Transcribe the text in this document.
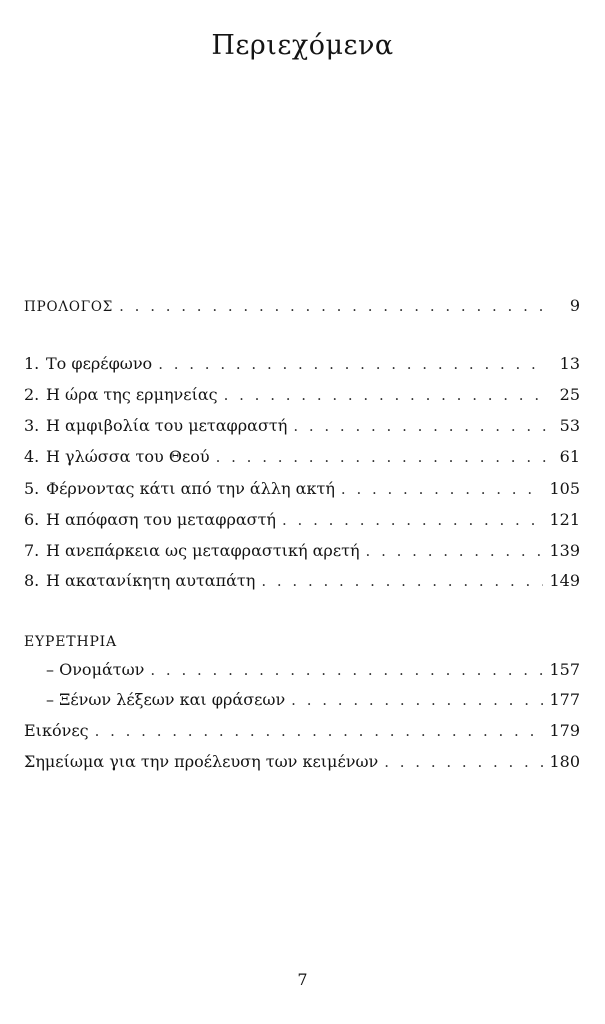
Περιεχόμενα
ΠΡΟΛΟΓΟΣ . . .	9
1. Το φερέφωνο . . .	13
2. Η ώρα της ερμηνείας . . .	25
3. Η αμφιβολία του μεταφραστή . . .	53
4. Η γλώσσα του Θεού . . .	61
5. Φέρνοντας κάτι από την άλλη ακτή . . .	105
6. Η απόφαση του μεταφραστή . . .	121
7. Η ανεπάρκεια ως μεταφραστική αρετή . . .	139
8. Η ακατανίκητη αυταπάτη . . .	149
ΕΥΡΕΤΗΡΙΑ
– Ονομάτων . . .	157
– Ξένων λέξεων και φράσεων . . .	177
Εικόνες . . .	179
Σημείωμα για την προέλευση των κειμένων . . .	180
7
